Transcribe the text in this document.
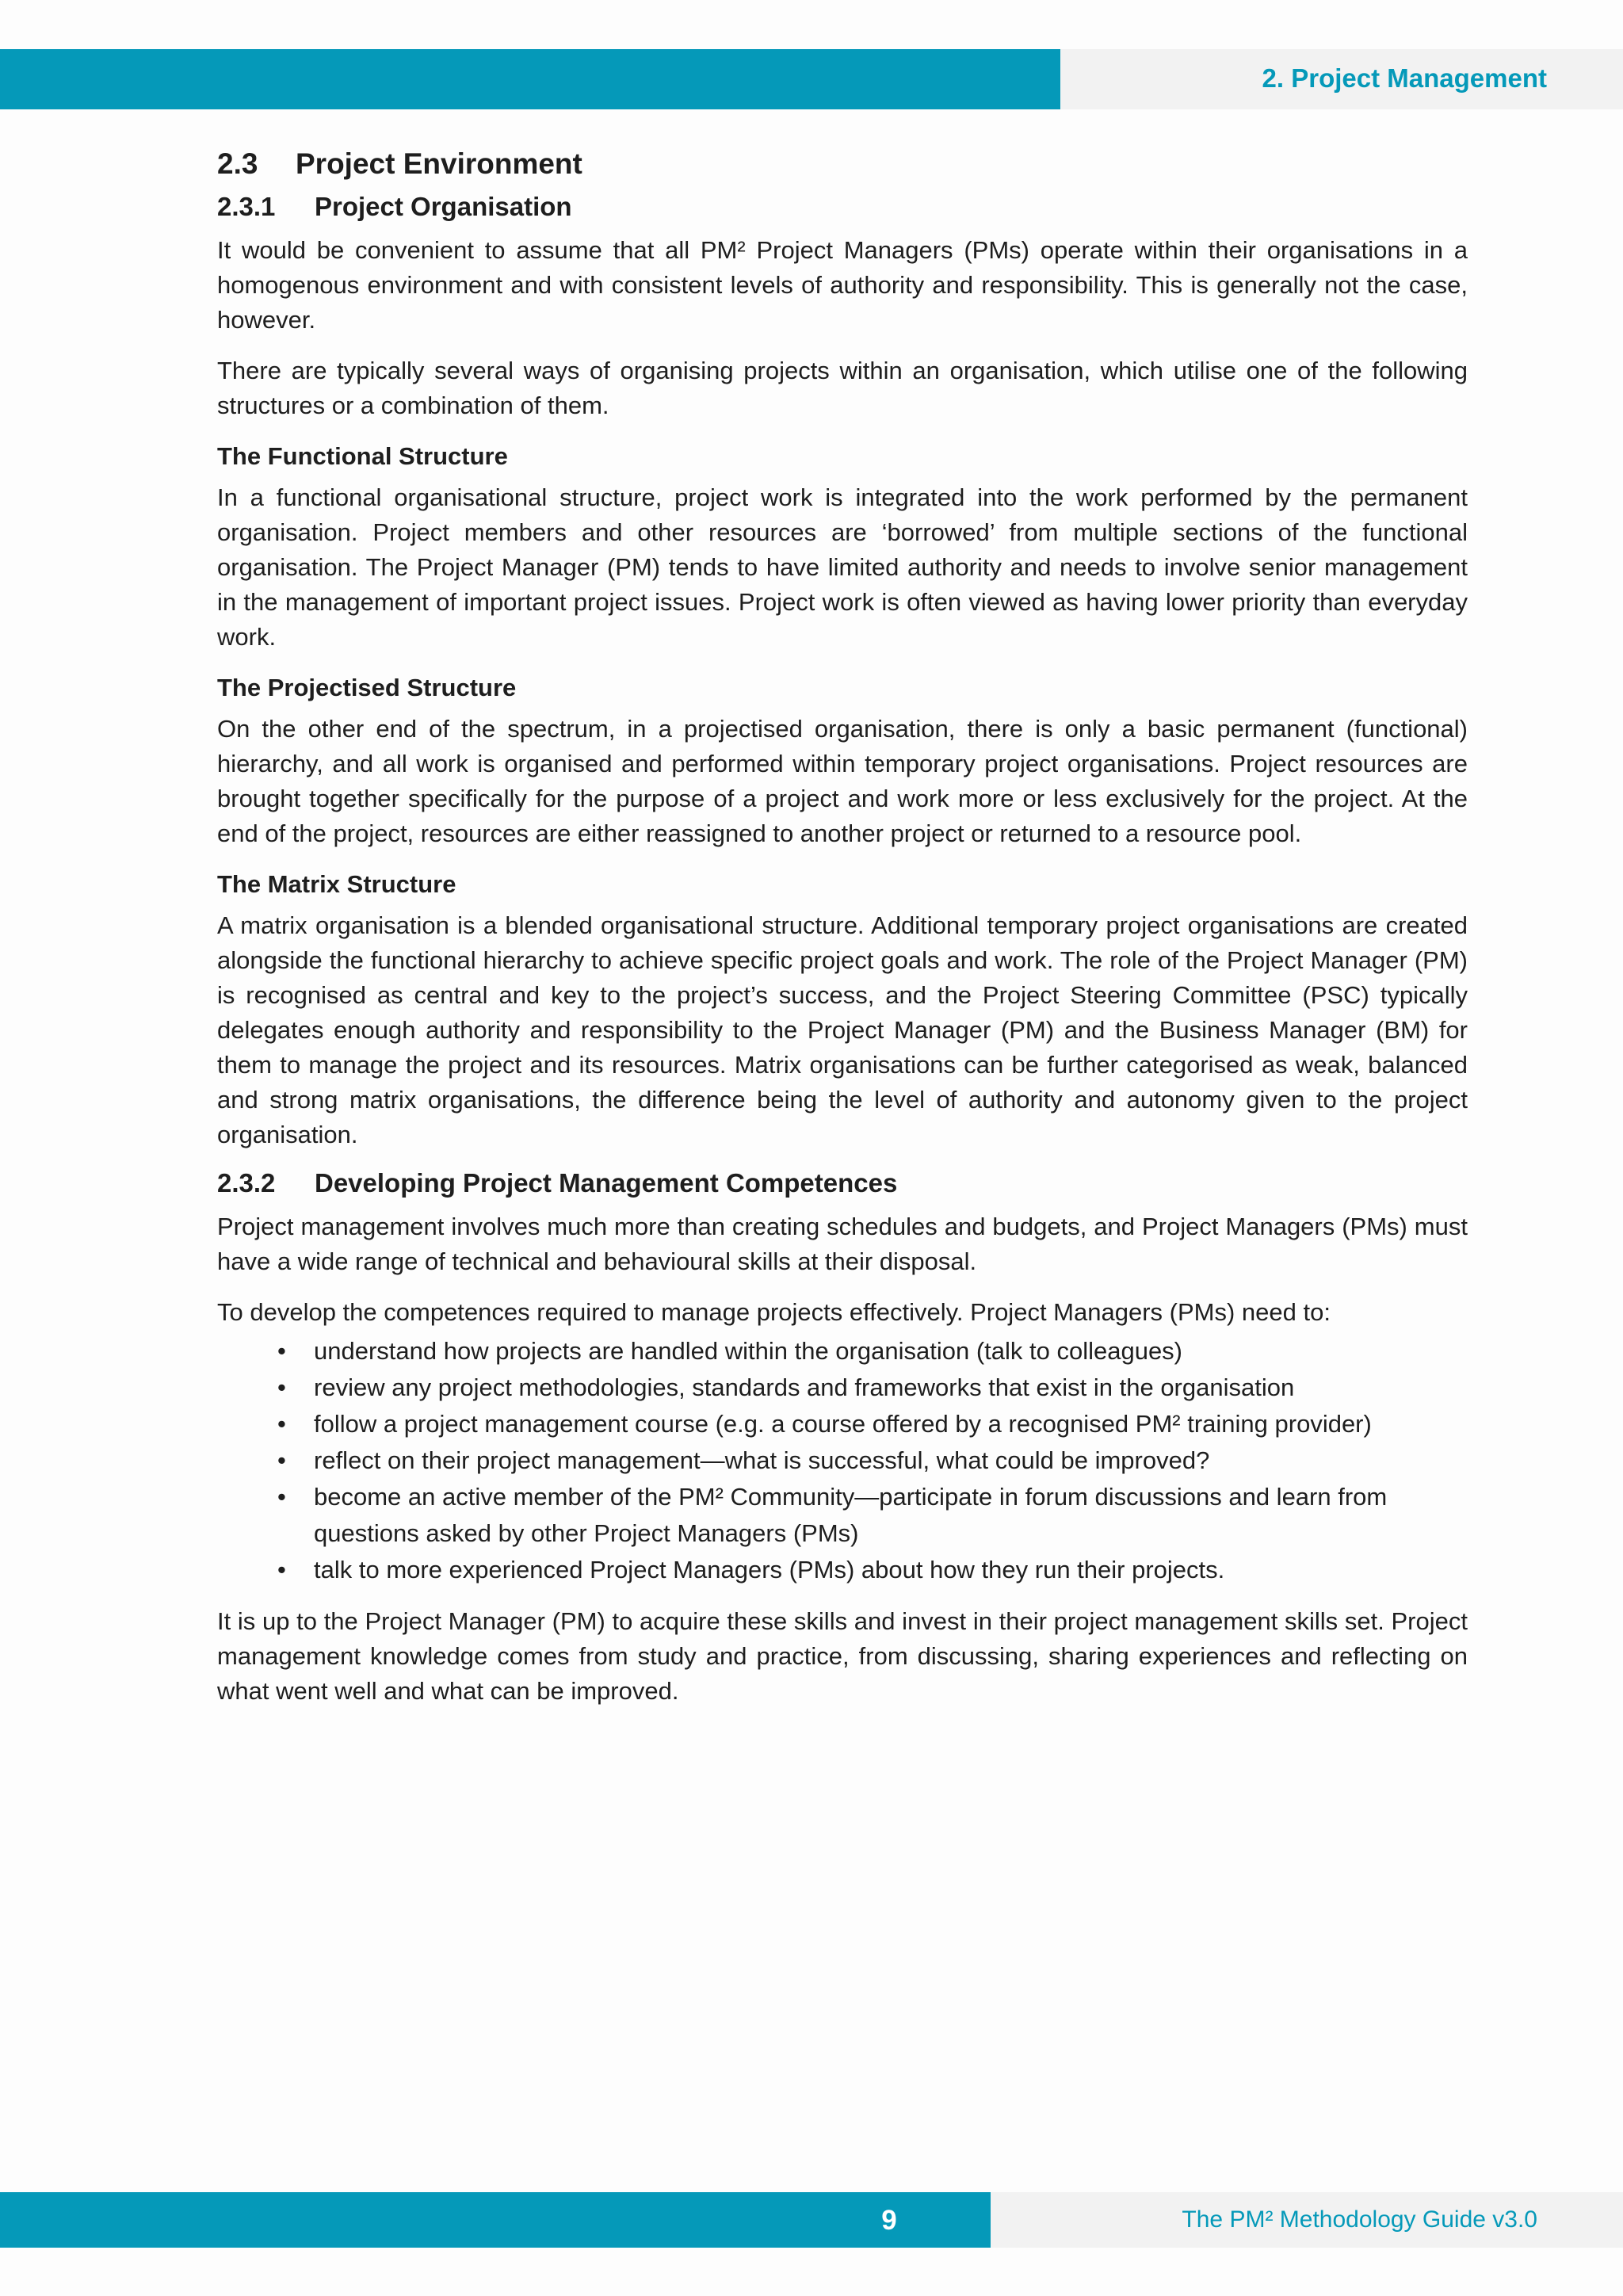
2. Project Management
2.3 Project Environment
2.3.1 Project Organisation

It would be convenient to assume that all PM² Project Managers (PMs) operate within their organisations in a homogenous environment and with consistent levels of authority and responsibility. This is generally not the case, however.

There are typically several ways of organising projects within an organisation, which utilise one of the following structures or a combination of them.

The Functional Structure

In a functional organisational structure, project work is integrated into the work performed by the permanent organisation. Project members and other resources are ‘borrowed’ from multiple sections of the functional organisation. The Project Manager (PM) tends to have limited authority and needs to involve senior management in the management of important project issues. Project work is often viewed as having lower priority than everyday work.

The Projectised Structure

On the other end of the spectrum, in a projectised organisation, there is only a basic permanent (functional) hierarchy, and all work is organised and performed within temporary project organisations. Project resources are brought together specifically for the purpose of a project and work more or less exclusively for the project. At the end of the project, resources are either reassigned to another project or returned to a resource pool.

The Matrix Structure

A matrix organisation is a blended organisational structure. Additional temporary project organisations are created alongside the functional hierarchy to achieve specific project goals and work. The role of the Project Manager (PM) is recognised as central and key to the project’s success, and the Project Steering Committee (PSC) typically delegates enough authority and responsibility to the Project Manager (PM) and the Business Manager (BM) for them to manage the project and its resources. Matrix organisations can be further categorised as weak, balanced and strong matrix organisations, the difference being the level of authority and autonomy given to the project organisation.

2.3.2 Developing Project Management Competences

Project management involves much more than creating schedules and budgets, and Project Managers (PMs) must have a wide range of technical and behavioural skills at their disposal.

To develop the competences required to manage projects effectively. Project Managers (PMs) need to:

• understand how projects are handled within the organisation (talk to colleagues)
• review any project methodologies, standards and frameworks that exist in the organisation
• follow a project management course (e.g. a course offered by a recognised PM² training provider)
• reflect on their project management—what is successful, what could be improved?
• become an active member of the PM² Community—participate in forum discussions and learn from questions asked by other Project Managers (PMs)
• talk to more experienced Project Managers (PMs) about how they run their projects.

It is up to the Project Manager (PM) to acquire these skills and invest in their project management skills set. Project management knowledge comes from study and practice, from discussing, sharing experiences and reflecting on what went well and what can be improved.

9	The PM² Methodology Guide v3.0
